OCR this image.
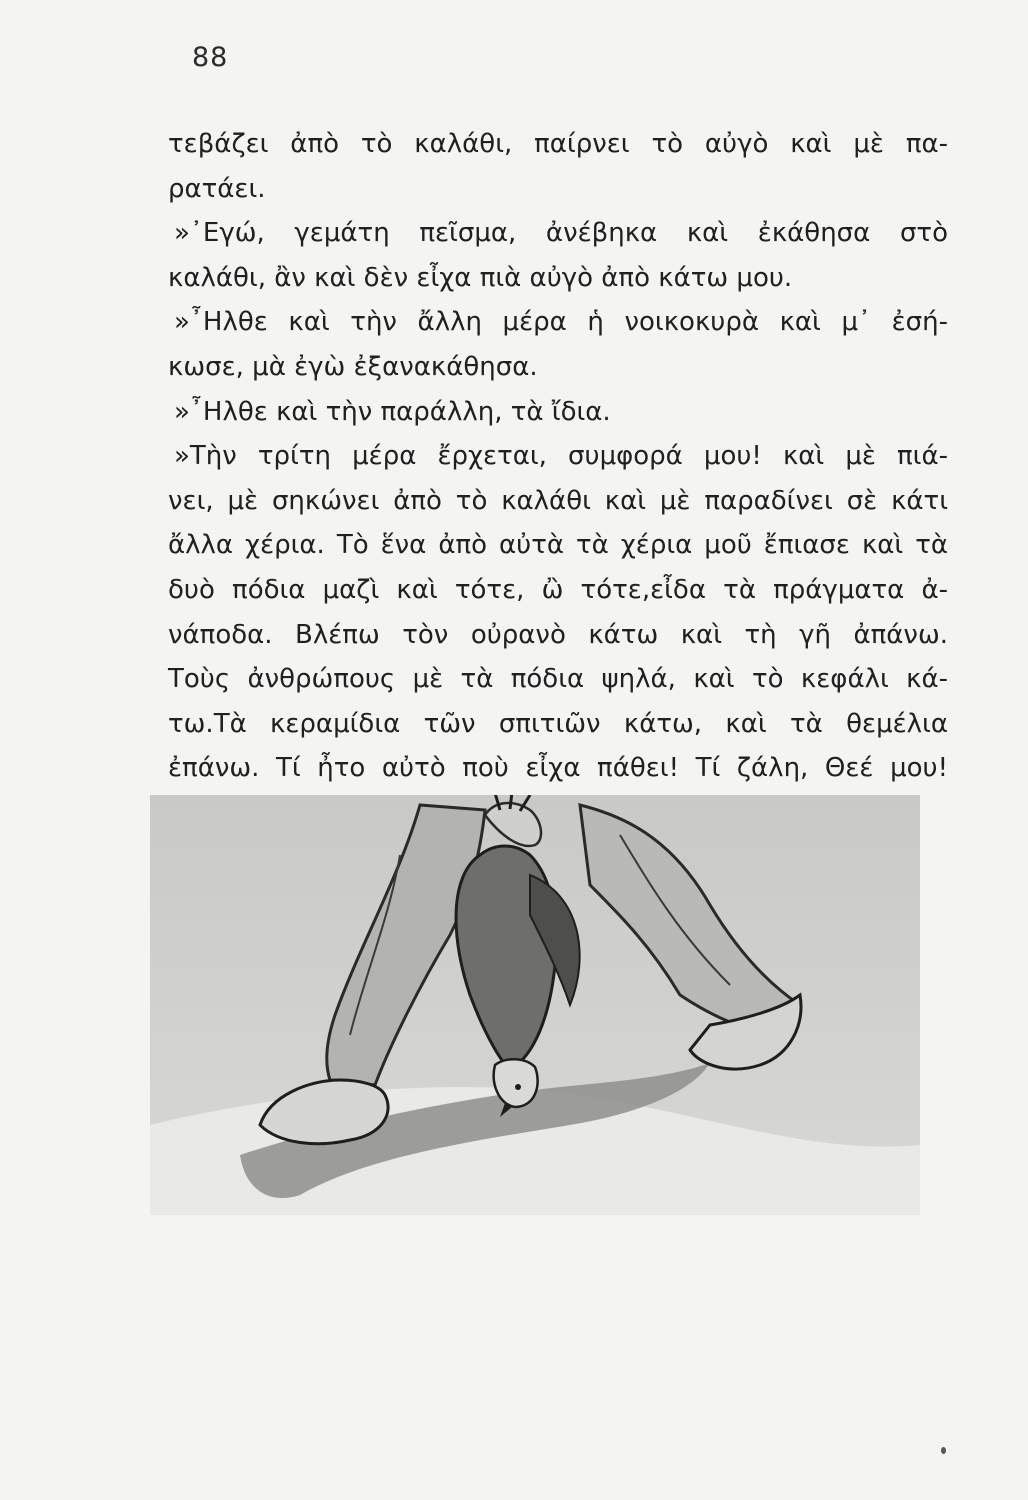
88
τεβάζει ἀπὸ τὸ καλάθι, παίρνει τὸ αὐγὸ καὶ μὲ πα-
ρατάει.
»᾿Εγώ, γεμάτη πεῖσμα, ἀνέβηκα καὶ ἐκάθησα στὸ
καλάθι, ἂν καὶ δὲν εἶχα πιὰ αὐγὸ ἀπὸ κάτω μου.
»῏Ηλθε καὶ τὴν ἄλλη μέρα ἡ νοικοκυρὰ καὶ μ᾿ ἐσή-
κωσε, μὰ ἐγὼ ἐξανακάθησα.
»῏Ηλθε καὶ τὴν παράλλη, τὰ ἴδια.
»Τὴν τρίτη μέρα ἔρχεται, συμφορά μου! καὶ μὲ πιά-
νει, μὲ σηκώνει ἀπὸ τὸ καλάθι καὶ μὲ παραδίνει σὲ κάτι
ἄλλα χέρια. Τὸ ἕνα ἀπὸ αὐτὰ τὰ χέρια μοῦ ἔπιασε καὶ τὰ
δυὸ πόδια μαζὶ καὶ τότε, ὢ τότε,εἶδα τὰ πράγματα ἀ-
νάποδα. Βλέπω τὸν οὐρανὸ κάτω καὶ τὴ γῆ ἀπάνω.
Τοὺς ἀνθρώπους μὲ τὰ πόδια ψηλά, καὶ τὸ κεφάλι κά-
τω.Τὰ κεραμίδια τῶν σπιτιῶν κάτω, καὶ τὰ θεμέλια
ἐπάνω. Τί ἦτο αὐτὸ ποὺ εἶχα πάθει! Τί ζάλη, Θεέ μου!
